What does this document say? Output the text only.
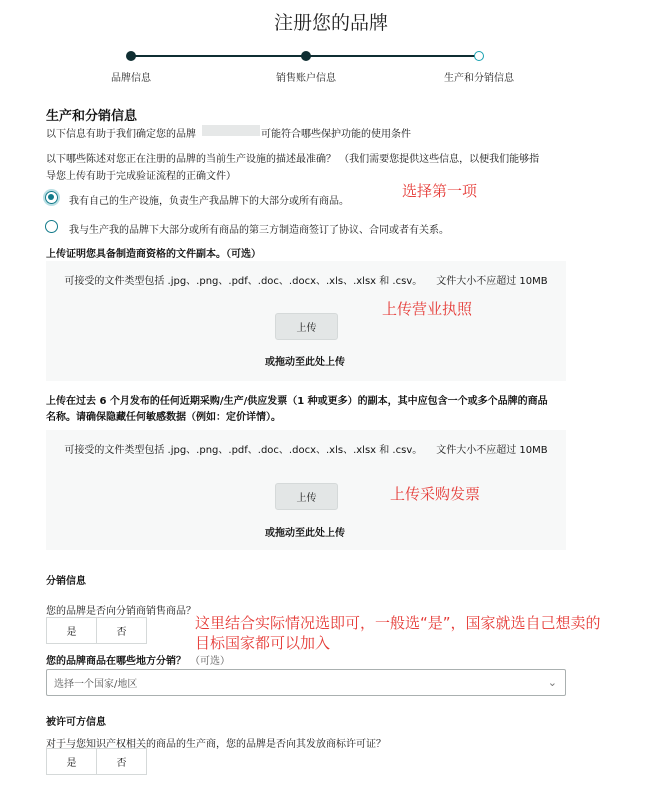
注册您的品牌
品牌信息	销售账户信息	生产和分销信息
生产和分销信息
以下信息有助于我们确定您的品牌	可能符合哪些保护功能的使用条件
以下哪些陈述对您正在注册的品牌的当前生产设施的描述最准确？ （我们需要您提供这些信息，以便我们能够指
导您上传有助于完成验证流程的正确文件）
我有自己的生产设施，负责生产我品牌下的大部分或所有商品。
我与生产我的品牌下大部分或所有商品的第三方制造商签订了协议、合同或者有关系。
选择第一项
上传证明您具备制造商资格的文件副本。（可选）
可接受的文件类型包括 .jpg、.png、.pdf、.doc、.docx、.xls、.xlsx 和 .csv。 文件大小不应超过 10MB
上传
或拖动至此处上传
上传营业执照
上传在过去 6 个月发布的任何近期采购/生产/供应发票（1 种或更多）的副本，其中应包含一个或多个品牌的商品
名称。请确保隐藏任何敏感数据（例如：定价详情）。
可接受的文件类型包括 .jpg、.png、.pdf、.doc、.docx、.xls、.xlsx 和 .csv。 文件大小不应超过 10MB
上传
或拖动至此处上传
上传采购发票
分销信息
您的品牌是否向分销商销售商品？
是	否
这里结合实际情况选即可，一般选“是”，国家就选自己想卖的
目标国家都可以加入
您的品牌商品在哪些地方分销？ （可选）
选择一个国家/地区	⌄
被许可方信息
对于与您知识产权相关的商品的生产商，您的品牌是否向其发放商标许可证？
是	否
